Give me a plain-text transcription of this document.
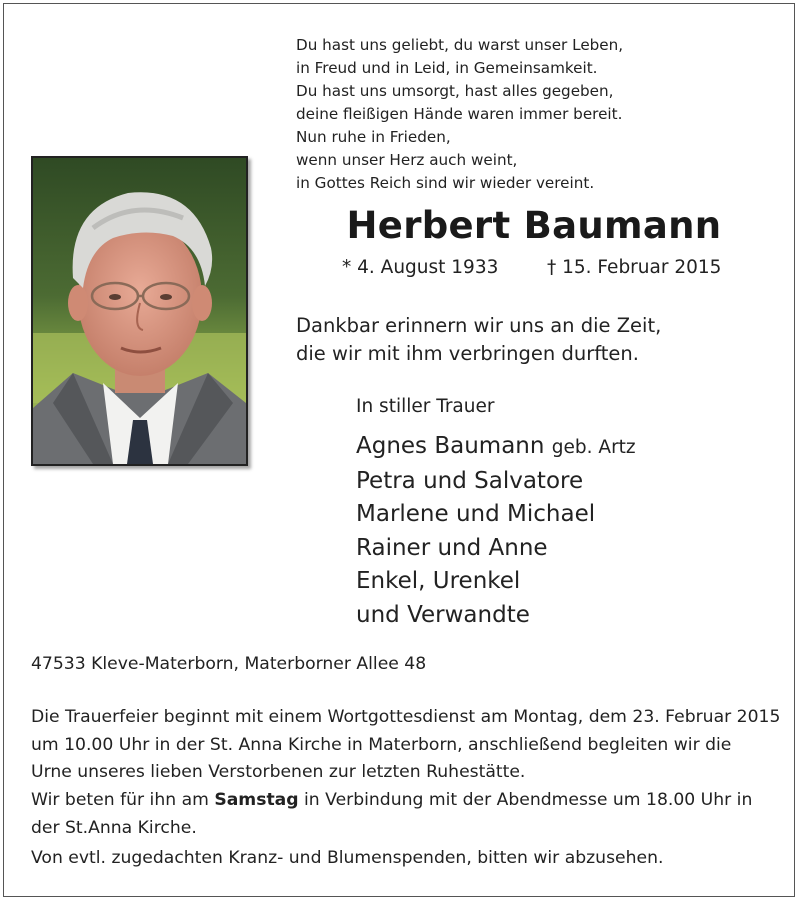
Du hast uns geliebt, du warst unser Leben,
in Freud und in Leid, in Gemeinsamkeit.
Du hast uns umsorgt, hast alles gegeben,
deine fleißigen Hände waren immer bereit.
Nun ruhe in Frieden,
wenn unser Herz auch weint,
in Gottes Reich sind wir wieder vereint.
Herbert Baumann
* 4. August 1933	† 15. Februar 2015
Dankbar erinnern wir uns an die Zeit,
die wir mit ihm verbringen durften.
In stiller Trauer
Agnes Baumann geb. Artz
Petra und Salvatore
Marlene und Michael
Rainer und Anne
Enkel, Urenkel
und Verwandte
47533 Kleve-Materborn, Materborner Allee 48
Die Trauerfeier beginnt mit einem Wortgottesdienst am Montag, dem 23. Februar 2015
um 10.00 Uhr in der St. Anna Kirche in Materborn, anschließend begleiten wir die
Urne unseres lieben Verstorbenen zur letzten Ruhestätte.
Wir beten für ihn am Samstag in Verbindung mit der Abendmesse um 18.00 Uhr in
der St.Anna Kirche.
Von evtl. zugedachten Kranz- und Blumenspenden, bitten wir abzusehen.
